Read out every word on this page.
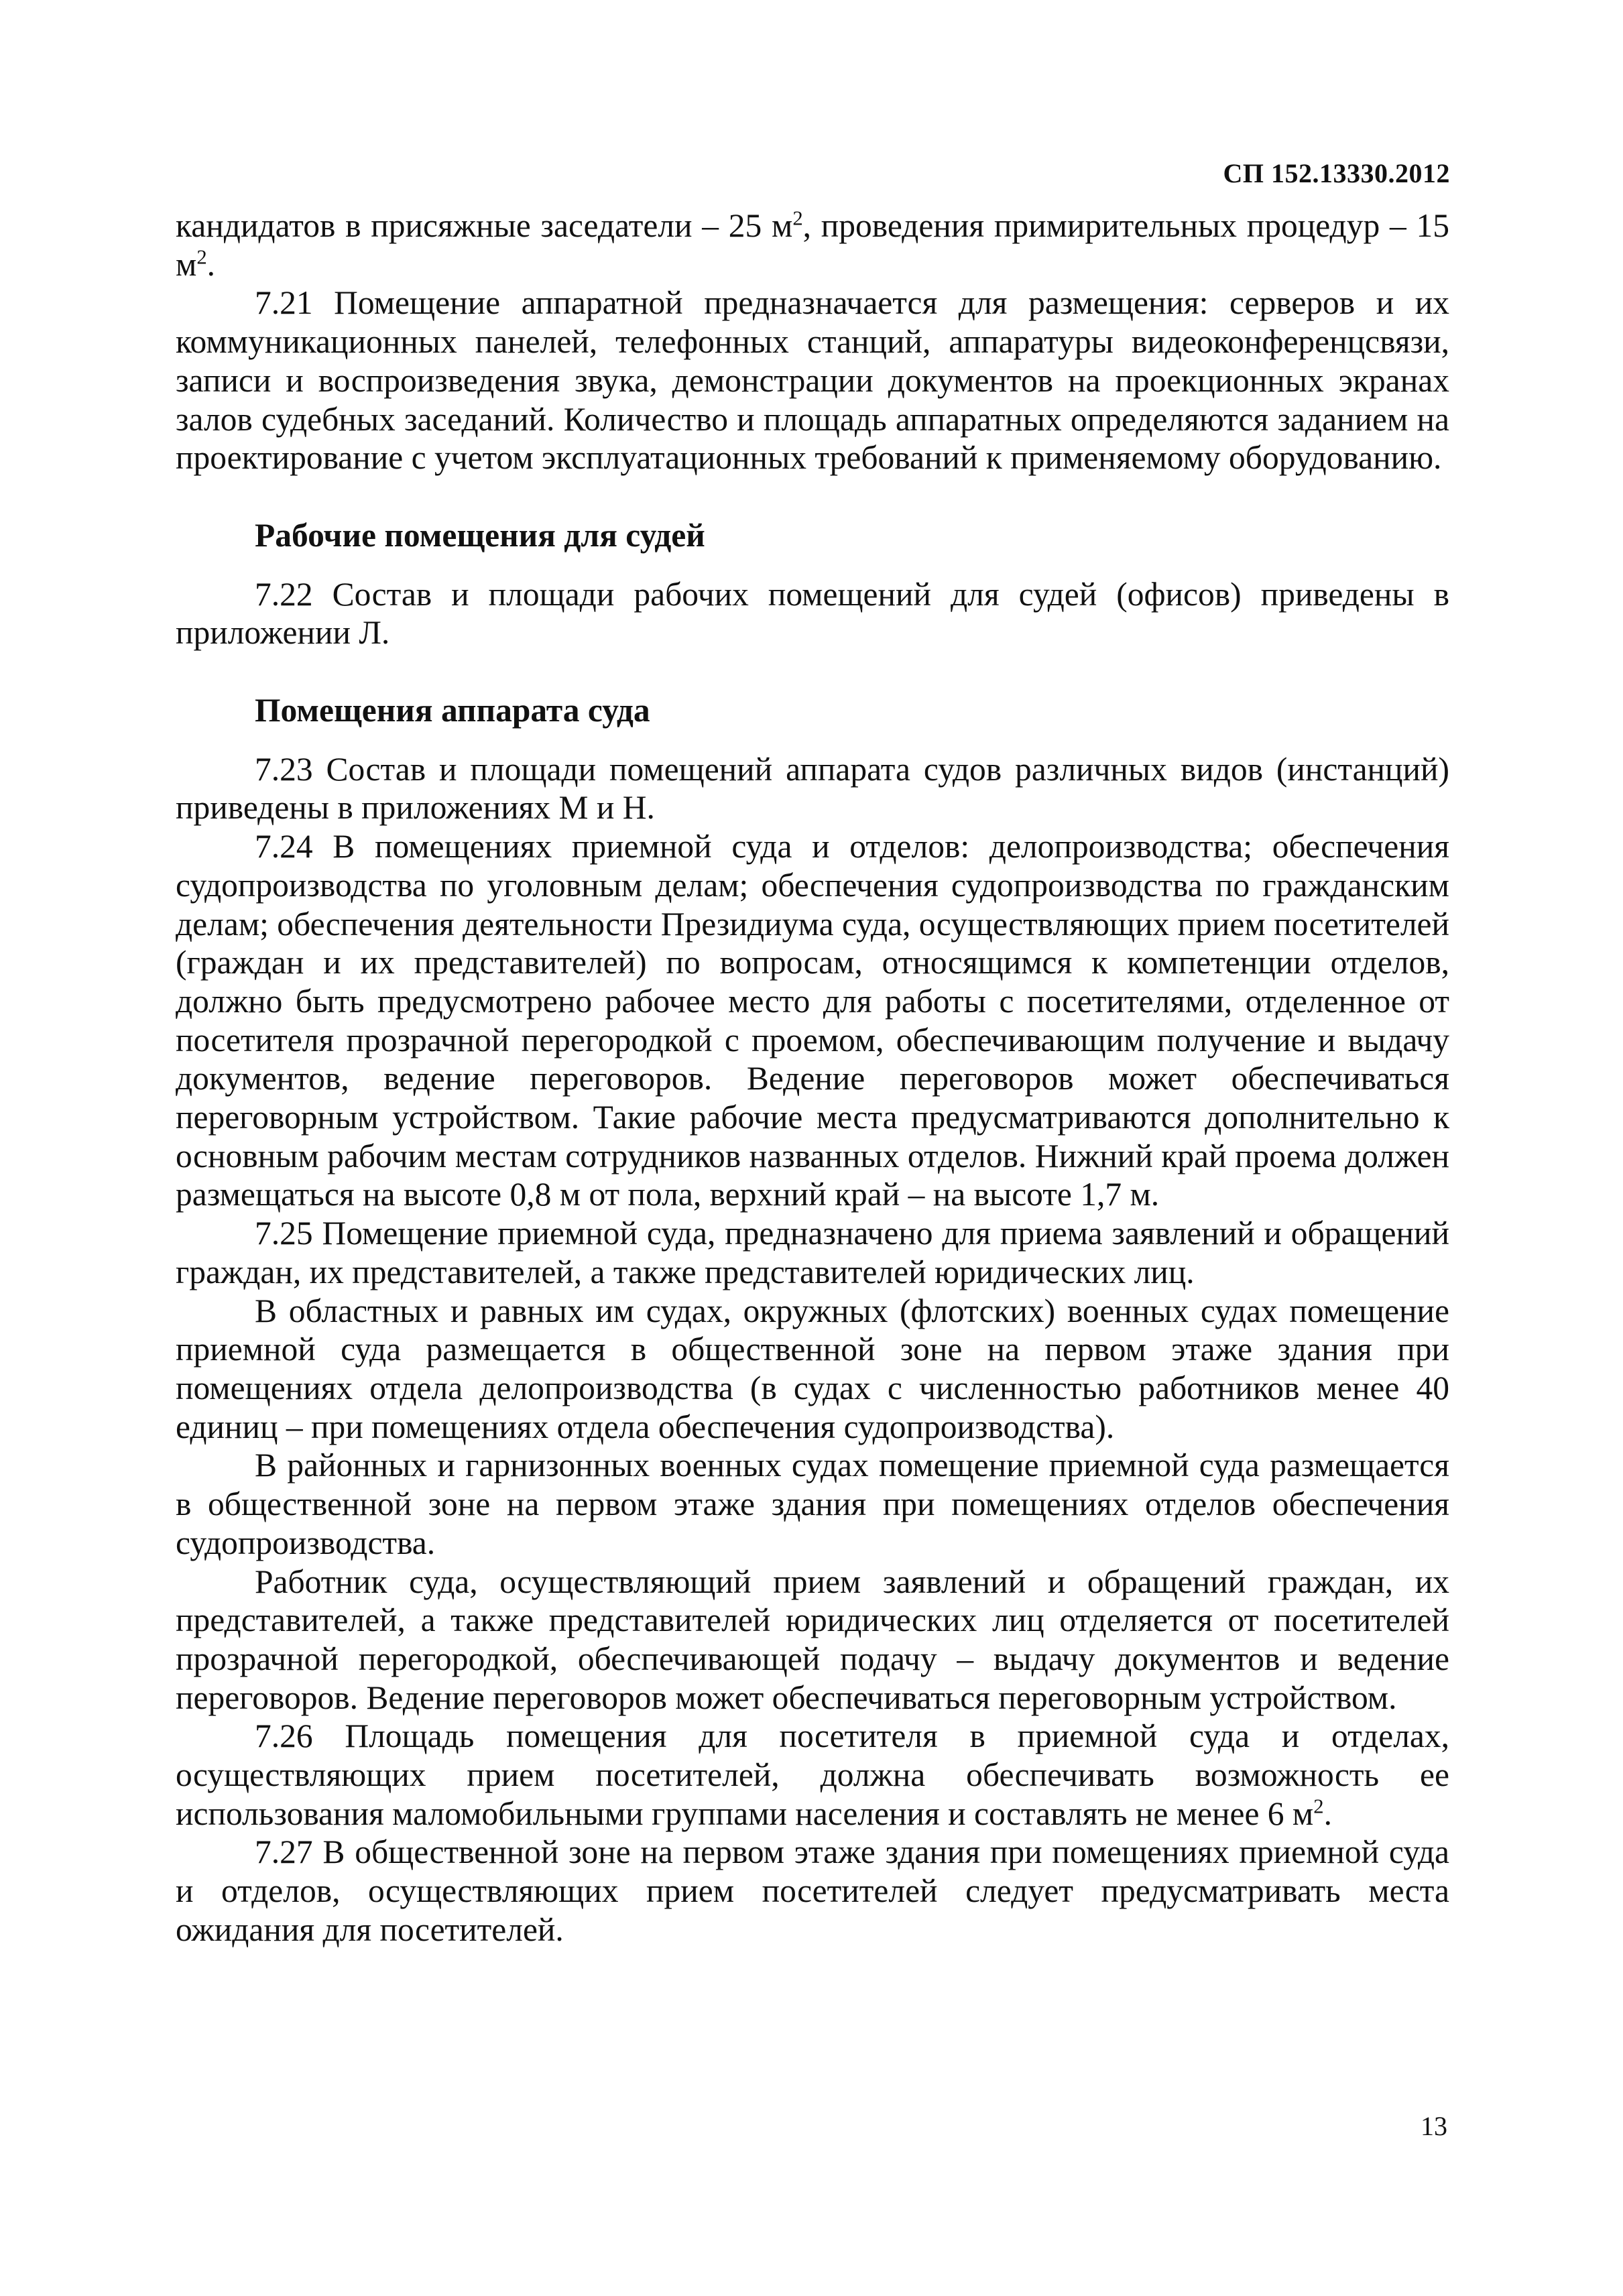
СП 152.13330.2012

кандидатов в присяжные заседатели – 25 $м^2$, проведения примирительных процедур – 15 $м^2$.

7.21 Помещение аппаратной предназначается для размещения: серверов и их коммуникационных панелей, телефонных станций, аппаратуры видеоконференцсвязи, записи и воспроизведения звука, демонстрации документов на проекционных экранах залов судебных заседаний. Количество и площадь аппаратных определяются заданием на проектирование с учетом эксплуатационных требований к применяемому оборудованию.

Рабочие помещения для судей

7.22 Состав и площади рабочих помещений для судей (офисов) приведены в приложении Л.

Помещения аппарата суда

7.23 Состав и площади помещений аппарата судов различных видов (инстанций) приведены в приложениях М и Н.

7.24 В помещениях приемной суда и отделов: делопроизводства; обеспечения судопроизводства по уголовным делам; обеспечения судопроизводства по гражданским делам; обеспечения деятельности Президиума суда, осуществляющих прием посетителей (граждан и их представителей) по вопросам, относящимся к компетенции отделов, должно быть предусмотрено рабочее место для работы с посетителями, отделенное от посетителя прозрачной перегородкой с проемом, обеспечивающим получение и выдачу документов, ведение переговоров. Ведение переговоров может обеспечиваться переговорным устройством. Такие рабочие места предусматриваются дополнительно к основным рабочим местам сотрудников названных отделов. Нижний край проема должен размещаться на высоте 0,8 м от пола, верхний край – на высоте 1,7 м.

7.25 Помещение приемной суда, предназначено для приема заявлений и обращений граждан, их представителей, а также представителей юридических лиц.

В областных и равных им судах, окружных (флотских) военных судах помещение приемной суда размещается в общественной зоне на первом этаже здания при помещениях отдела делопроизводства (в судах с численностью работников менее 40 единиц – при помещениях отдела обеспечения судопроизводства).

В районных и гарнизонных военных судах помещение приемной суда размещается в общественной зоне на первом этаже здания при помещениях отделов обеспечения судопроизводства.

Работник суда, осуществляющий прием заявлений и обращений граждан, их представителей, а также представителей юридических лиц отделяется от посетителей прозрачной перегородкой, обеспечивающей подачу – выдачу документов и ведение переговоров. Ведение переговоров может обеспечиваться переговорным устройством.

7.26 Площадь помещения для посетителя в приемной суда и отделах, осуществляющих прием посетителей, должна обеспечивать возможность ее использования маломобильными группами населения и составлять не менее 6 $м^2$.

7.27 В общественной зоне на первом этаже здания при помещениях приемной суда и отделов, осуществляющих прием посетителей следует предусматривать места ожидания для посетителей.

13
